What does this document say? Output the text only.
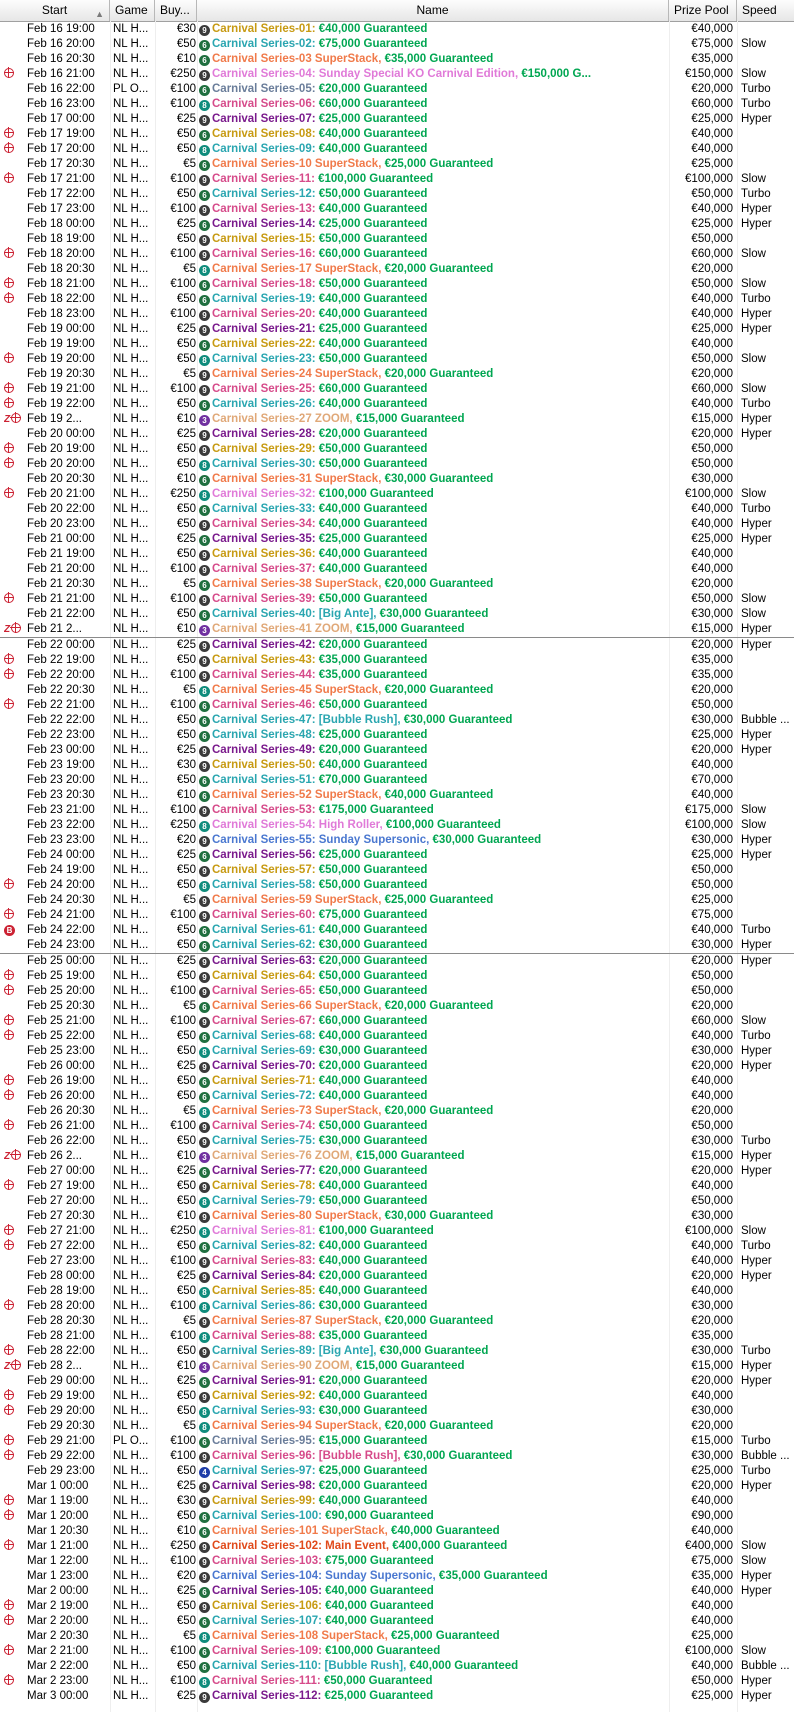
Start	▲ Game	Buy...	Name	Prize Pool	Speed
Feb 16 19:00	NL H...	€30 9 Carnival Series-01: €40,000 Guaranteed	€40,000
Feb 16 20:00	NL H...	€50 6 Carnival Series-02: €75,000 Guaranteed	€75,000 Slow
Feb 16 20:30	NL H...	€10 6 Carnival Series-03 SuperStack, €35,000 Guaranteed	€35,000
Feb 16 21:00	NL H...	€250 9 Carnival Series-04: Sunday Special KO Carnival Edition, €150,000 G...	€150,000 Slow
Feb 16 22:00	PL O...	€100 6 Carnival Series-05: €20,000 Guaranteed	€20,000 Turbo
Feb 16 23:00	NL H...	€100 8 Carnival Series-06: €60,000 Guaranteed	€60,000 Turbo
Feb 17 00:00	NL H...	€25 9 Carnival Series-07: €25,000 Guaranteed	€25,000 Hyper
Feb 17 19:00	NL H...	€50 6 Carnival Series-08: €40,000 Guaranteed	€40,000
Feb 17 20:00	NL H...	€50 8 Carnival Series-09: €40,000 Guaranteed	€40,000
Feb 17 20:30	NL H...	€5 6 Carnival Series-10 SuperStack, €25,000 Guaranteed	€25,000
Feb 17 21:00	NL H...	€100 9 Carnival Series-11: €100,000 Guaranteed	€100,000 Slow
Feb 17 22:00	NL H...	€50 6 Carnival Series-12: €50,000 Guaranteed	€50,000 Turbo
Feb 17 23:00	NL H...	€100 9 Carnival Series-13: €40,000 Guaranteed	€40,000 Hyper
Feb 18 00:00	NL H...	€25 6 Carnival Series-14: €25,000 Guaranteed	€25,000 Hyper
Feb 18 19:00	NL H...	€50 9 Carnival Series-15: €50,000 Guaranteed	€50,000
Feb 18 20:00	NL H...	€100 9 Carnival Series-16: €60,000 Guaranteed	€60,000 Slow
Feb 18 20:30	NL H...	€5 8 Carnival Series-17 SuperStack, €20,000 Guaranteed	€20,000
Feb 18 21:00	NL H...	€100 6 Carnival Series-18: €50,000 Guaranteed	€50,000 Slow
Feb 18 22:00	NL H...	€50 6 Carnival Series-19: €40,000 Guaranteed	€40,000 Turbo
Feb 18 23:00	NL H...	€100 9 Carnival Series-20: €40,000 Guaranteed	€40,000 Hyper
Feb 19 00:00	NL H...	€25 9 Carnival Series-21: €25,000 Guaranteed	€25,000 Hyper
Feb 19 19:00	NL H...	€50 6 Carnival Series-22: €40,000 Guaranteed	€40,000
Feb 19 20:00	NL H...	€50 8 Carnival Series-23: €50,000 Guaranteed	€50,000 Slow
Feb 19 20:30	NL H...	€5 9 Carnival Series-24 SuperStack, €20,000 Guaranteed	€20,000
Feb 19 21:00	NL H...	€100 9 Carnival Series-25: €60,000 Guaranteed	€60,000 Slow
Feb 19 22:00	NL H...	€50 6 Carnival Series-26: €40,000 Guaranteed	€40,000 Turbo
Z	Feb 19 2...	NL H...	€10 3 Carnival Series-27 ZOOM, €15,000 Guaranteed	€15,000 Hyper
Feb 20 00:00	NL H...	€25 9 Carnival Series-28: €20,000 Guaranteed	€20,000 Hyper
Feb 20 19:00	NL H...	€50 9 Carnival Series-29: €50,000 Guaranteed	€50,000
Feb 20 20:00	NL H...	€50 8 Carnival Series-30: €50,000 Guaranteed	€50,000
Feb 20 20:30	NL H...	€10 6 Carnival Series-31 SuperStack, €30,000 Guaranteed	€30,000
Feb 20 21:00	NL H...	€250 8 Carnival Series-32: €100,000 Guaranteed	€100,000 Slow
Feb 20 22:00	NL H...	€50 6 Carnival Series-33: €40,000 Guaranteed	€40,000 Turbo
Feb 20 23:00	NL H...	€50 9 Carnival Series-34: €40,000 Guaranteed	€40,000 Hyper
Feb 21 00:00	NL H...	€25 6 Carnival Series-35: €25,000 Guaranteed	€25,000 Hyper
Feb 21 19:00	NL H...	€50 9 Carnival Series-36: €40,000 Guaranteed	€40,000
Feb 21 20:00	NL H...	€100 9 Carnival Series-37: €40,000 Guaranteed	€40,000
Feb 21 20:30	NL H...	€5 6 Carnival Series-38 SuperStack, €20,000 Guaranteed	€20,000
Feb 21 21:00	NL H...	€100 9 Carnival Series-39: €50,000 Guaranteed	€50,000 Slow
Feb 21 22:00	NL H...	€50 6 Carnival Series-40: [Big Ante], €30,000 Guaranteed	€30,000 Slow
Z	Feb 21 2...	NL H...	€10 3 Carnival Series-41 ZOOM, €15,000 Guaranteed	€15,000 Hyper
Feb 22 00:00	NL H...	€25 9 Carnival Series-42: €20,000 Guaranteed	€20,000 Hyper
Feb 22 19:00	NL H...	€50 9 Carnival Series-43: €35,000 Guaranteed	€35,000
Feb 22 20:00	NL H...	€100 9 Carnival Series-44: €35,000 Guaranteed	€35,000
Feb 22 20:30	NL H...	€5 8 Carnival Series-45 SuperStack, €20,000 Guaranteed	€20,000
Feb 22 21:00	NL H...	€100 6 Carnival Series-46: €50,000 Guaranteed	€50,000
Feb 22 22:00	NL H...	€50 6 Carnival Series-47: [Bubble Rush], €30,000 Guaranteed	€30,000 Bubble ...
Feb 22 23:00	NL H...	€50 6 Carnival Series-48: €25,000 Guaranteed	€25,000 Hyper
Feb 23 00:00	NL H...	€25 9 Carnival Series-49: €20,000 Guaranteed	€20,000 Hyper
Feb 23 19:00	NL H...	€30 9 Carnival Series-50: €40,000 Guaranteed	€40,000
Feb 23 20:00	NL H...	€50 6 Carnival Series-51: €70,000 Guaranteed	€70,000
Feb 23 20:30	NL H...	€10 6 Carnival Series-52 SuperStack, €40,000 Guaranteed	€40,000
Feb 23 21:00	NL H...	€100 9 Carnival Series-53: €175,000 Guaranteed	€175,000 Slow
Feb 23 22:00	NL H...	€250 8 Carnival Series-54: High Roller, €100,000 Guaranteed	€100,000 Slow
Feb 23 23:00	NL H...	€20 9 Carnival Series-55: Sunday Supersonic, €30,000 Guaranteed	€30,000 Hyper
Feb 24 00:00	NL H...	€25 6 Carnival Series-56: €25,000 Guaranteed	€25,000 Hyper
Feb 24 19:00	NL H...	€50 9 Carnival Series-57: €50,000 Guaranteed	€50,000
Feb 24 20:00	NL H...	€50 8 Carnival Series-58: €50,000 Guaranteed	€50,000
Feb 24 20:30	NL H...	€5 9 Carnival Series-59 SuperStack, €25,000 Guaranteed	€25,000
Feb 24 21:00	NL H...	€100 9 Carnival Series-60: €75,000 Guaranteed	€75,000
B	Feb 24 22:00	NL H...	€50 6 Carnival Series-61: €40,000 Guaranteed	€40,000 Turbo
Feb 24 23:00	NL H...	€50 6 Carnival Series-62: €30,000 Guaranteed	€30,000 Hyper
Feb 25 00:00	NL H...	€25 9 Carnival Series-63: €20,000 Guaranteed	€20,000 Hyper
Feb 25 19:00	NL H...	€50 9 Carnival Series-64: €50,000 Guaranteed	€50,000
Feb 25 20:00	NL H...	€100 9 Carnival Series-65: €50,000 Guaranteed	€50,000
Feb 25 20:30	NL H...	€5 6 Carnival Series-66 SuperStack, €20,000 Guaranteed	€20,000
Feb 25 21:00	NL H...	€100 9 Carnival Series-67: €60,000 Guaranteed	€60,000 Slow
Feb 25 22:00	NL H...	€50 6 Carnival Series-68: €40,000 Guaranteed	€40,000 Turbo
Feb 25 23:00	NL H...	€50 8 Carnival Series-69: €30,000 Guaranteed	€30,000 Hyper
Feb 26 00:00	NL H...	€25 9 Carnival Series-70: €20,000 Guaranteed	€20,000 Hyper
Feb 26 19:00	NL H...	€50 6 Carnival Series-71: €40,000 Guaranteed	€40,000
Feb 26 20:00	NL H...	€50 6 Carnival Series-72: €40,000 Guaranteed	€40,000
Feb 26 20:30	NL H...	€5 8 Carnival Series-73 SuperStack, €20,000 Guaranteed	€20,000
Feb 26 21:00	NL H...	€100 9 Carnival Series-74: €50,000 Guaranteed	€50,000
Feb 26 22:00	NL H...	€50 9 Carnival Series-75: €30,000 Guaranteed	€30,000 Turbo
Z	Feb 26 2...	NL H...	€10 3 Carnival Series-76 ZOOM, €15,000 Guaranteed	€15,000 Hyper
Feb 27 00:00	NL H...	€25 6 Carnival Series-77: €20,000 Guaranteed	€20,000 Hyper
Feb 27 19:00	NL H...	€50 9 Carnival Series-78: €40,000 Guaranteed	€40,000
Feb 27 20:00	NL H...	€50 8 Carnival Series-79: €50,000 Guaranteed	€50,000
Feb 27 20:30	NL H...	€10 9 Carnival Series-80 SuperStack, €30,000 Guaranteed	€30,000
Feb 27 21:00	NL H...	€250 8 Carnival Series-81: €100,000 Guaranteed	€100,000 Slow
Feb 27 22:00	NL H...	€50 6 Carnival Series-82: €40,000 Guaranteed	€40,000 Turbo
Feb 27 23:00	NL H...	€100 9 Carnival Series-83: €40,000 Guaranteed	€40,000 Hyper
Feb 28 00:00	NL H...	€25 9 Carnival Series-84: €20,000 Guaranteed	€20,000 Hyper
Feb 28 19:00	NL H...	€50 8 Carnival Series-85: €40,000 Guaranteed	€40,000
Feb 28 20:00	NL H...	€100 8 Carnival Series-86: €30,000 Guaranteed	€30,000
Feb 28 20:30	NL H...	€5 9 Carnival Series-87 SuperStack, €20,000 Guaranteed	€20,000
Feb 28 21:00	NL H...	€100 8 Carnival Series-88: €35,000 Guaranteed	€35,000
Feb 28 22:00	NL H...	€50 9 Carnival Series-89: [Big Ante], €30,000 Guaranteed	€30,000 Turbo
Z	Feb 28 2...	NL H...	€10 3 Carnival Series-90 ZOOM, €15,000 Guaranteed	€15,000 Hyper
Feb 29 00:00	NL H...	€25 6 Carnival Series-91: €20,000 Guaranteed	€20,000 Hyper
Feb 29 19:00	NL H...	€50 9 Carnival Series-92: €40,000 Guaranteed	€40,000
Feb 29 20:00	NL H...	€50 8 Carnival Series-93: €30,000 Guaranteed	€30,000
Feb 29 20:30	NL H...	€5 8 Carnival Series-94 SuperStack, €20,000 Guaranteed	€20,000
Feb 29 21:00	PL O...	€100 6 Carnival Series-95: €15,000 Guaranteed	€15,000 Turbo
Feb 29 22:00	NL H...	€100 9 Carnival Series-96: [Bubble Rush], €30,000 Guaranteed	€30,000 Bubble ...
Feb 29 23:00	NL H...	€50 4 Carnival Series-97: €25,000 Guaranteed	€25,000 Turbo
Mar 1 00:00	NL H...	€25 9 Carnival Series-98: €20,000 Guaranteed	€20,000 Hyper
Mar 1 19:00	NL H...	€30 9 Carnival Series-99: €40,000 Guaranteed	€40,000
Mar 1 20:00	NL H...	€50 6 Carnival Series-100: €90,000 Guaranteed	€90,000
Mar 1 20:30	NL H...	€10 6 Carnival Series-101 SuperStack, €40,000 Guaranteed	€40,000
Mar 1 21:00	NL H...	€250 9 Carnival Series-102: Main Event, €400,000 Guaranteed	€400,000 Slow
Mar 1 22:00	NL H...	€100 9 Carnival Series-103: €75,000 Guaranteed	€75,000 Slow
Mar 1 23:00	NL H...	€20 9 Carnival Series-104: Sunday Supersonic, €35,000 Guaranteed	€35,000 Hyper
Mar 2 00:00	NL H...	€25 6 Carnival Series-105: €40,000 Guaranteed	€40,000 Hyper
Mar 2 19:00	NL H...	€50 9 Carnival Series-106: €40,000 Guaranteed	€40,000
Mar 2 20:00	NL H...	€50 6 Carnival Series-107: €40,000 Guaranteed	€40,000
Mar 2 20:30	NL H...	€5 8 Carnival Series-108 SuperStack, €25,000 Guaranteed	€25,000
Mar 2 21:00	NL H...	€100 6 Carnival Series-109: €100,000 Guaranteed	€100,000 Slow
Mar 2 22:00	NL H...	€50 6 Carnival Series-110: [Bubble Rush], €40,000 Guaranteed	€40,000 Bubble ...
Mar 2 23:00	NL H...	€100 8 Carnival Series-111: €50,000 Guaranteed	€50,000 Hyper
Mar 3 00:00	NL H...	€25 9 Carnival Series-112: €25,000 Guaranteed	€25,000 Hyper
